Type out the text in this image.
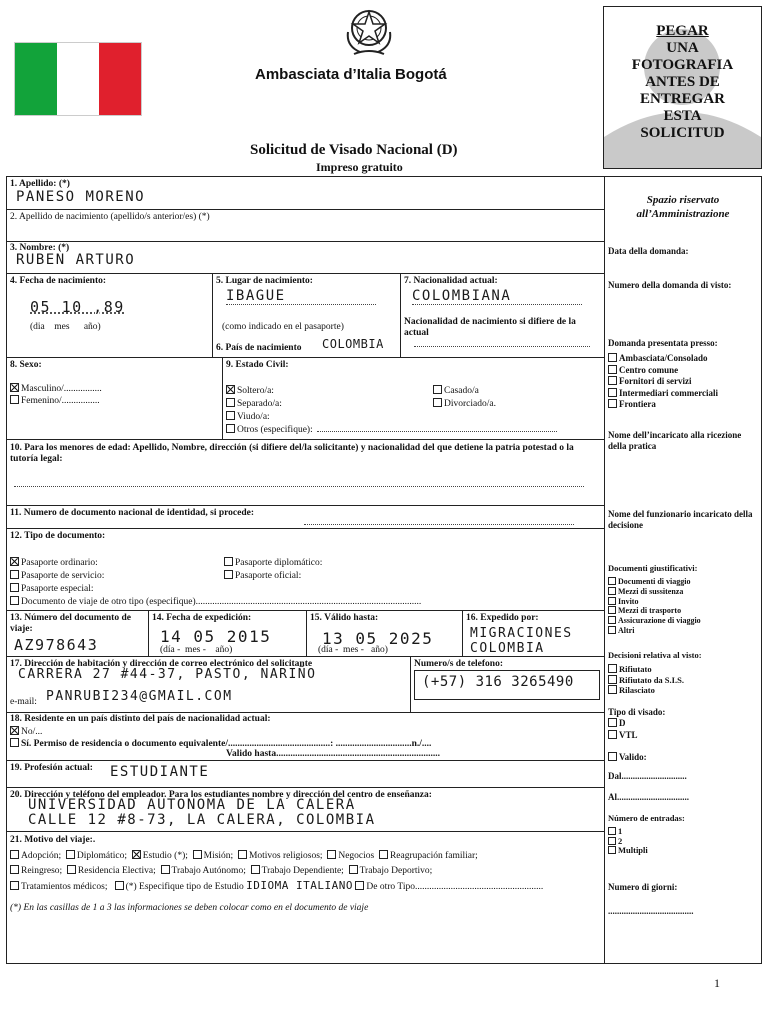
Ambasciata d’Italia Bogotá
Solicitud de Visado Nacional (D)
Impreso gratuito
PEGAR
UNA
FOTOGRAFIA
ANTES DE
ENTREGAR
ESTA
SOLICITUD
1. Apellido: (*)
PANESO MORENO
2. Apellido de nacimiento (apellido/s anterior/es) (*)
3. Nombre: (*)
RUBEN ARTURO
4. Fecha de nacimiento:
05 10 ,89
(dia    mes      año)
5. Lugar de nacimiento:
IBAGUE
(como indicado en el pasaporte)
6. País de nacimiento COLOMBIA
7. Nacionalidad actual:
COLOMBIANA
Nacionalidad de nacimiento si difiere de la actual
8. Sexo:
Masculino/................
Femenino/................
9. Estado Civil:
Soltero/a:
Separado/a:
Viudo/a:
Otros (especifique):
Casado/a
Divorciado/a.
10. Para los menores de edad: Apellido, Nombre, dirección (si difiere del/la solicitante) y nacionalidad del que detiene la patria potestad o la tutoría legal:
11. Numero de documento nacional de identidad, si procede:
12. Tipo de documento:
Pasaporte ordinario:
Pasaporte de servicio:
Pasaporte especial:
Documento de viaje de otro tipo (especifique)...............................................................................................
Pasaporte diplomático:
Pasaporte oficial:
13. Número del documento de viaje:
AZ978643
14. Fecha de expedición:
14 05 2015
(día -  mes -    año)
15. Válido hasta:
13 05 2025
(día -  mes -   año)
16. Expedido por:
MIGRACIONES COLOMBIA
17. Dirección de habitación y dirección de correo electrónico del solicitante
CARRERA 27 #44-37, PASTO, NARIÑO
e-mail: PANRUBI234@GMAIL.COM
Numero/s de telefono:
(+57) 316 3265490
18. Residente en un país distinto del país de nacionalidad actual:
No/...
Sí. Permiso de residencia o documento equivalente/...........................................: ................................n./....
Valido hasta.....................................................................
19. Profesión actual: ESTUDIANTE
20. Dirección y teléfono del empleador. Para los estudiantes nombre y dirección del centro de enseñanza:
UNIVERSIDAD AUTONOMA DE LA CALERA
CALLE 12 #8-73, LA CALERA, COLOMBIA
21. Motivo del viaje:.
Adopción; Diplomático; Estudio (*); Misión; Motivos religiosos; Negocios Reagrupación familiar;
Reingreso; Residencia Electiva; Trabajo Autónomo; Trabajo Dependiente; Trabajo Deportivo;
Tratamientos médicos; (*) Especifique tipo de Estudio IDIOMA ITALIANO De otro Tipo......................................................
(*) En las casillas de 1 a 3 las informaciones se deben colocar como en el documento de viaje
Spazio riservato all’Amministrazione
Data della domanda:
Numero della domanda di visto:
Domanda presentata presso:
Ambasciata/Consolado
Centro comune
Fornitori di servizi
Intermediari commerciali
Frontiera
Nome dell’incaricato alla ricezione della pratica
Nome del funzionario incaricato della decisione
Documenti giustificativi:
Documenti di viaggio
Mezzi di sussitenza
Invito
Mezzi di trasporto
Assicurazione di viaggio
Altri
Decisioni relativa al visto:
Rifiutato
Rifiutato da S.I.S.
Rilasciato
Tipo di visado:
D
VTL
Valido:
Dal.............................
Al................................
Número de entradas:
1
2
Multipli
Numero di giorni:
......................................
1
